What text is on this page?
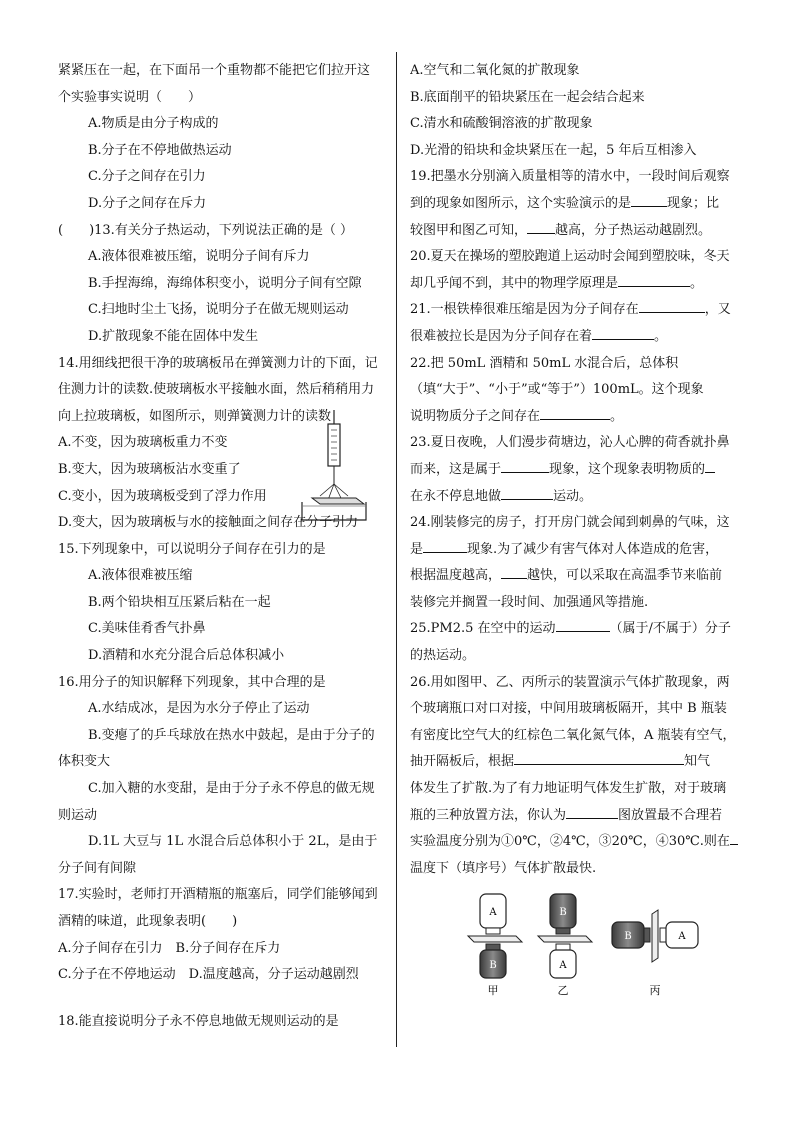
紧紧压在一起，在下面吊一个重物都不能把它们拉开这
个实验事实说明（　　）
A.物质是由分子构成的
B.分子在不停地做热运动
C.分子之间存在引力
D.分子之间存在斥力
(　　)13.有关分子热运动，下列说法正确的是（ ）
A.液体很难被压缩，说明分子间有斥力
B.手捏海绵，海绵体积变小，说明分子间有空隙
C.扫地时尘土飞扬，说明分子在做无规则运动
D.扩散现象不能在固体中发生
14.用细线把很干净的玻璃板吊在弹簧测力计的下面，记
住测力计的读数.使玻璃板水平接触水面，然后稍稍用力
向上拉玻璃板，如图所示，则弹簧测力计的读数
A.不变，因为玻璃板重力不变
B.变大，因为玻璃板沾水变重了
C.变小，因为玻璃板受到了浮力作用
D.变大，因为玻璃板与水的接触面之间存在分子引力
15.下列现象中，可以说明分子间存在引力的是
A.液体很难被压缩
B.两个铅块相互压紧后粘在一起
C.美味佳肴香气扑鼻
D.酒精和水充分混合后总体积减小
16.用分子的知识解释下列现象，其中合理的是
A.水结成冰，是因为水分子停止了运动
B.变瘪了的乒乓球放在热水中鼓起，是由于分子的
体积变大
C.加入糖的水变甜，是由于分子永不停息的做无规
则运动
D.1L 大豆与 1L 水混合后总体积小于 2L，是由于
分子间有间隙
17.实验时，老师打开酒精瓶的瓶塞后，同学们能够闻到
酒精的味道，此现象表明(　　)
A.分子间存在引力　B.分子间存在斥力
C.分子在不停地运动　D.温度越高，分子运动越剧烈
18.能直接说明分子永不停息地做无规则运动的是
A.空气和二氧化氮的扩散现象
B.底面削平的铅块紧压在一起会结合起来
C.清水和硫酸铜溶液的扩散现象
D.光滑的铅块和金块紧压在一起，5 年后互相渗入
19.把墨水分别滴入质量相等的清水中，一段时间后观察
到的现象如图所示，这个实验演示的是	现象；比
较图甲和图乙可知， 越高，分子热运动越剧烈。
20.夏天在操场的塑胶跑道上运动时会闻到塑胶味，冬天
却几乎闻不到，其中的物理学原理是	。
21.一根铁棒很难压缩是因为分子间存在	，又
很难被拉长是因为分子间存在着	。
22.把 50mL 酒精和 50mL 水混合后，总体积
（填“大于”、“小于”或“等于”）100mL。这个现象
说明物质分子之间存在	。
23.夏日夜晚，人们漫步荷塘边，沁人心脾的荷香就扑鼻
而来，这是属于	现象，这个现象表明物质的
在永不停息地做	运动。
24.刚装修完的房子，打开房门就会闻到刺鼻的气味，这
是	现象.为了减少有害气体对人体造成的危害，
根据温度越高， 越快，可以采取在高温季节来临前
装修完并搁置一段时间、加强通风等措施.
25.PM2.5 在空中的运动	（属于/不属于）分子
的热运动。
26.用如图甲、乙、丙所示的装置演示气体扩散现象，两
个玻璃瓶口对口对接，中间用玻璃板隔开，其中 B 瓶装
有密度比空气大的红棕色二氧化氮气体，A 瓶装有空气，
抽开隔板后，根据	知气
体发生了扩散.为了有力地证明气体发生扩散，对于玻璃
瓶的三种放置方法，你认为	图放置最不合理若
实验温度分别为①0℃，②4℃，③20℃，④30℃.则在
温度下（填序号）气体扩散最快.
A
B
甲
B
A
乙
B	A
丙
